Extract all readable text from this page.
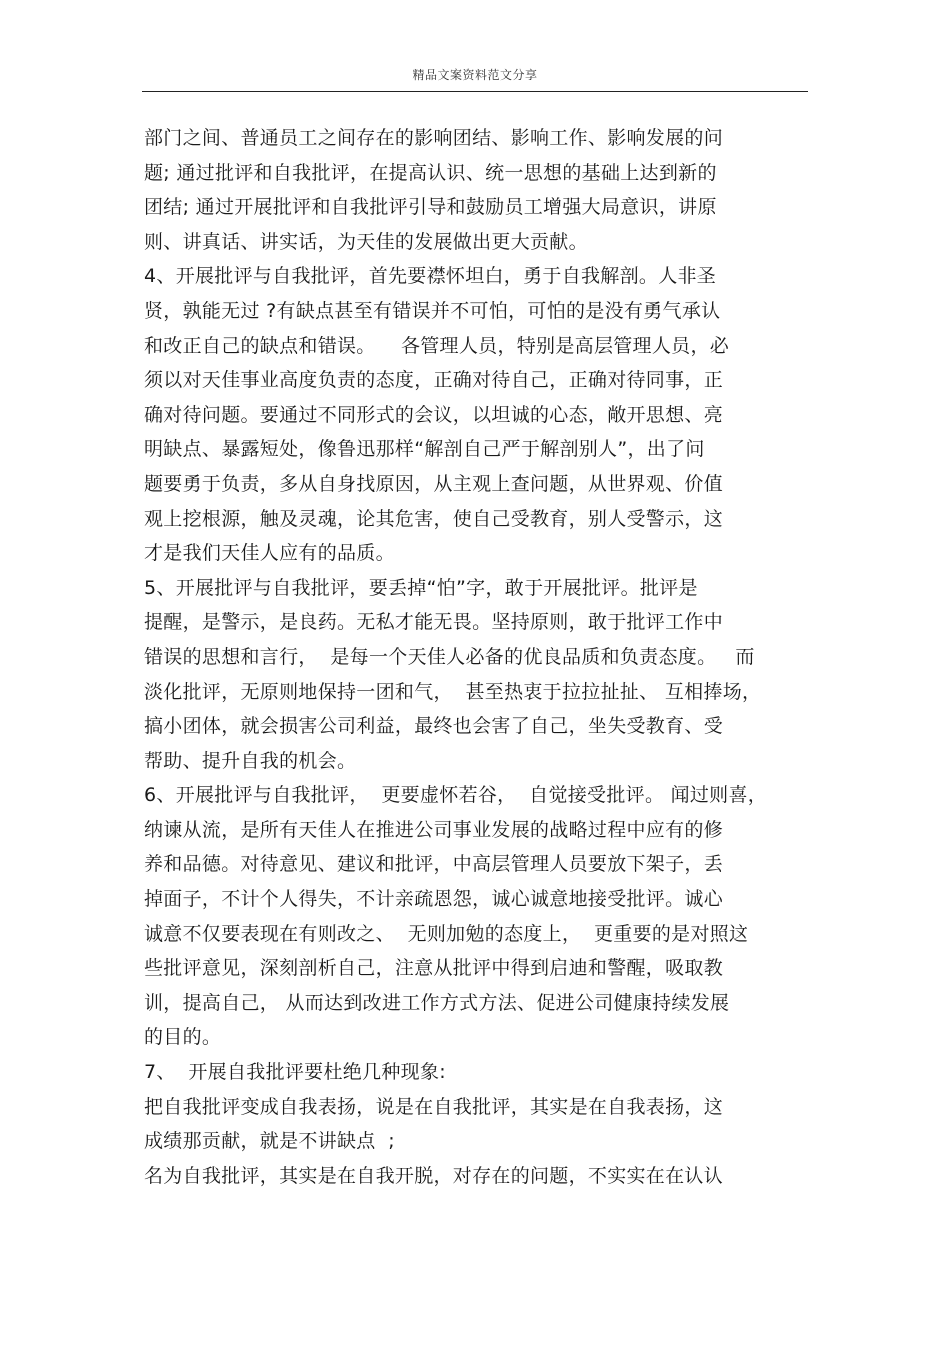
精品文案资料范文分享
部门之间、普通员工之间存在的影响团结、影响工作、影响发展的问
题; 通过批评和自我批评，在提高认识、统一思想的基础上达到新的
团结; 通过开展批评和自我批评引导和鼓励员工增强大局意识，讲原
则、讲真话、讲实话，为天佳的发展做出更大贡献。
4、开展批评与自我批评，首先要襟怀坦白，勇于自我解剖。人非圣
贤，孰能无过 ?有缺点甚至有错误并不可怕，可怕的是没有勇气承认
和改正自己的缺点和错误。    各管理人员，特别是高层管理人员，必
须以对天佳事业高度负责的态度，正确对待自己，正确对待同事，正
确对待问题。要通过不同形式的会议，以坦诚的心态，敞开思想、亮
明缺点、暴露短处，像鲁迅那样“解剖自己严于解剖别人”，出了问
题要勇于负责，多从自身找原因，从主观上查问题，从世界观、价值
观上挖根源，触及灵魂，论其危害，使自己受教育，别人受警示，这
才是我们天佳人应有的品质。
5、开展批评与自我批评，要丢掉“怕”字，敢于开展批评。批评是
提醒，是警示，是良药。无私才能无畏。坚持原则，敢于批评工作中
错误的思想和言行，  是每一个天佳人必备的优良品质和负责态度。   而
淡化批评，无原则地保持一团和气，  甚至热衷于拉拉扯扯、 互相捧场，
搞小团体，就会损害公司利益，最终也会害了自己，坐失受教育、受
帮助、提升自我的机会。
6、开展批评与自我批评，  更要虚怀若谷，  自觉接受批评。 闻过则喜，
纳谏从流，是所有天佳人在推进公司事业发展的战略过程中应有的修
养和品德。对待意见、建议和批评，中高层管理人员要放下架子，丢
掉面子，不计个人得失，不计亲疏恩怨，诚心诚意地接受批评。诚心
诚意不仅要表现在有则改之、  无则加勉的态度上，  更重要的是对照这
些批评意见，深刻剖析自己，注意从批评中得到启迪和警醒，吸取教
训，提高自己， 从而达到改进工作方式方法、促进公司健康持续发展
的目的。
7、  开展自我批评要杜绝几种现象:
把自我批评变成自我表扬，说是在自我批评，其实是在自我表扬，这
成绩那贡献，就是不讲缺点  ;
名为自我批评，其实是在自我开脱，对存在的问题，不实实在在认认
